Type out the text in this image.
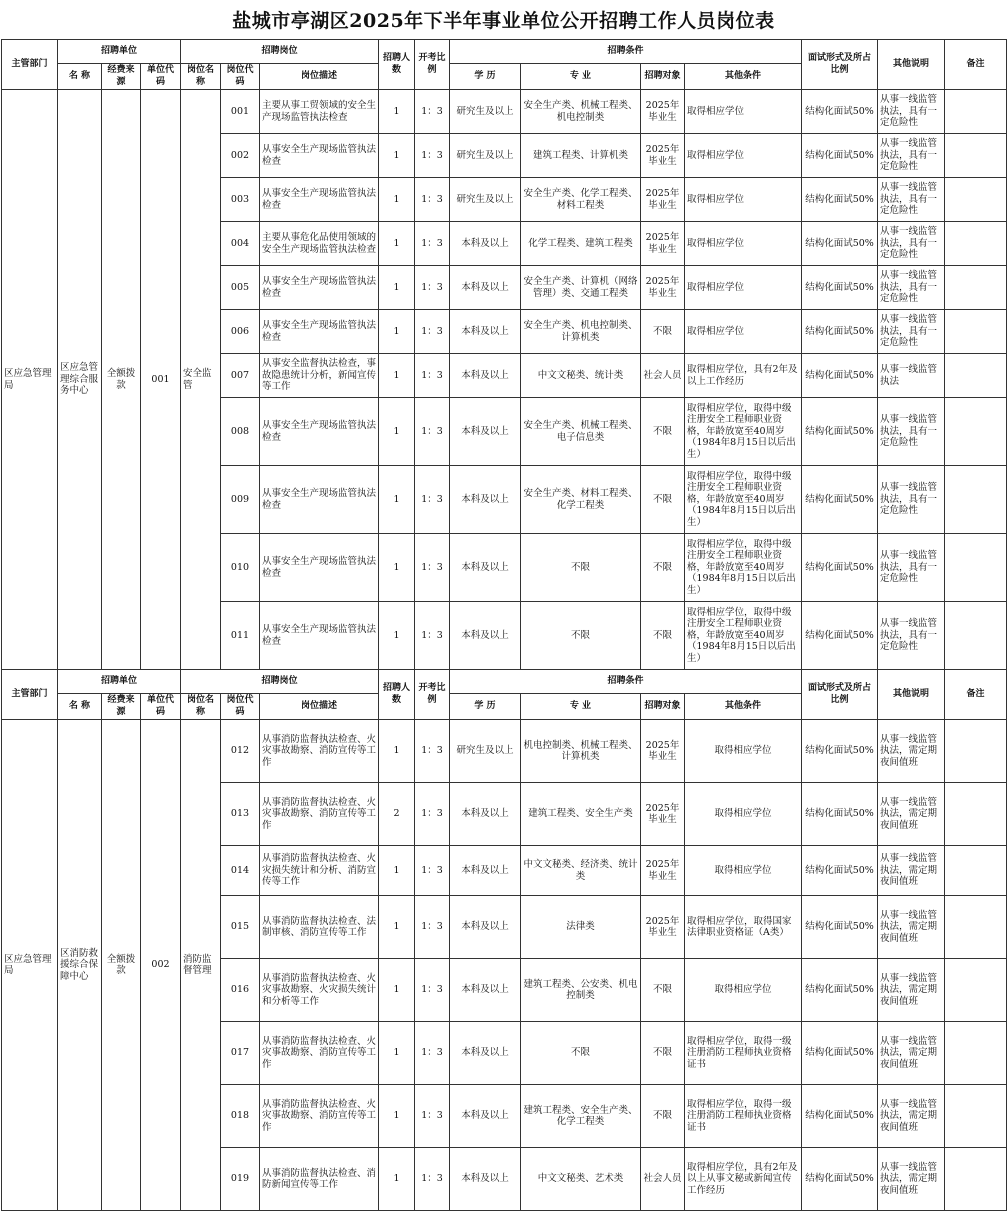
盐城市亭湖区2025年下半年事业单位公开招聘工作人员岗位表
主管部门	招聘单位			招聘岗位			招聘人数	开考比例	招聘条件				面试形式及所占比例	其他说明	备注
	名 称	经费来源	单位代码	岗位名称	岗位代码	岗位描述			学 历	专 业	招聘对象	其他条件			
区应急管理局	区应急管理综合服务中心	全额拨款	001	安全监管	001	主要从事工贸领域的安全生产现场监管执法检查	1	1：3	研究生及以上	安全生产类、机械工程类、机电控制类	2025年毕业生	取得相应学位	结构化面试50%	从事一线监管执法，具有一定危险性	
					002	从事安全生产现场监管执法检查	1	1：3	研究生及以上	建筑工程类、计算机类	2025年毕业生	取得相应学位	结构化面试50%	从事一线监管执法，具有一定危险性	
					003	从事安全生产现场监管执法检查	1	1：3	研究生及以上	安全生产类、化学工程类、材料工程类	2025年毕业生	取得相应学位	结构化面试50%	从事一线监管执法，具有一定危险性	
					004	主要从事危化品使用领域的安全生产现场监管执法检查	1	1：3	本科及以上	化学工程类、建筑工程类	2025年毕业生	取得相应学位	结构化面试50%	从事一线监管执法，具有一定危险性	
					005	从事安全生产现场监管执法检查	1	1：3	本科及以上	安全生产类、计算机（网络管理）类、交通工程类	2025年毕业生	取得相应学位	结构化面试50%	从事一线监管执法，具有一定危险性	
					006	从事安全生产现场监管执法检查	1	1：3	本科及以上	安全生产类、机电控制类、计算机类	不限	取得相应学位	结构化面试50%	从事一线监管执法，具有一定危险性	
					007	从事安全监督执法检查，事故隐患统计分析，新闻宣传等工作	1	1：3	本科及以上	中文文秘类、统计类	社会人员	取得相应学位，具有2年及以上工作经历	结构化面试50%	从事一线监管执法	
					008	从事安全生产现场监管执法检查	1	1：3	本科及以上	安全生产类、机械工程类、电子信息类	不限	取得相应学位，取得中级注册安全工程师职业资格，年龄放宽至40周岁（1984年8月15日以后出生）	结构化面试50%	从事一线监管执法，具有一定危险性	
					009	从事安全生产现场监管执法检查	1	1：3	本科及以上	安全生产类、材料工程类、化学工程类	不限	取得相应学位，取得中级注册安全工程师职业资格，年龄放宽至40周岁（1984年8月15日以后出生）	结构化面试50%	从事一线监管执法，具有一定危险性	
					010	从事安全生产现场监管执法检查	1	1：3	本科及以上	不限	不限	取得相应学位，取得中级注册安全工程师职业资格，年龄放宽至40周岁（1984年8月15日以后出生）	结构化面试50%	从事一线监管执法，具有一定危险性	
					011	从事安全生产现场监管执法检查	1	1：3	本科及以上	不限	不限	取得相应学位，取得中级注册安全工程师职业资格，年龄放宽至40周岁（1984年8月15日以后出生）	结构化面试50%	从事一线监管执法，具有一定危险性	
主管部门	招聘单位			招聘岗位			招聘人数	开考比例	招聘条件				面试形式及所占比例	其他说明	备注
	名 称	经费来源	单位代码	岗位名称	岗位代码	岗位描述			学 历	专 业	招聘对象	其他条件			
区应急管理局	区消防救援综合保障中心	全额拨款	002	消防监督管理	012	从事消防监督执法检查、火灾事故勘察、消防宣传等工作	1	1：3	研究生及以上	机电控制类、机械工程类、计算机类	2025年毕业生	取得相应学位	结构化面试50%	从事一线监管执法，需定期夜间值班	
					013	从事消防监督执法检查、火灾事故勘察、消防宣传等工作	2	1：3	本科及以上	建筑工程类、安全生产类	2025年毕业生	取得相应学位	结构化面试50%	从事一线监管执法，需定期夜间值班	
					014	从事消防监督执法检查、火灾损失统计和分析、消防宣传等工作	1	1：3	本科及以上	中文文秘类、经济类、统计类	2025年毕业生	取得相应学位	结构化面试50%	从事一线监管执法，需定期夜间值班	
					015	从事消防监督执法检查、法制审核、消防宣传等工作	1	1：3	本科及以上	法律类	2025年毕业生	取得相应学位，取得国家法律职业资格证（A类）	结构化面试50%	从事一线监管执法，需定期夜间值班	
					016	从事消防监督执法检查、火灾事故勘察、火灾损失统计和分析等工作	1	1：3	本科及以上	建筑工程类、公安类、机电控制类	不限	取得相应学位	结构化面试50%	从事一线监管执法，需定期夜间值班	
					017	从事消防监督执法检查、火灾事故勘察、消防宣传等工作	1	1：3	本科及以上	不限	不限	取得相应学位，取得一级注册消防工程师执业资格证书	结构化面试50%	从事一线监管执法，需定期夜间值班	
					018	从事消防监督执法检查、火灾事故勘察、消防宣传等工作	1	1：3	本科及以上	建筑工程类、安全生产类、化学工程类	不限	取得相应学位，取得一级注册消防工程师执业资格证书	结构化面试50%	从事一线监管执法，需定期夜间值班	
					019	从事消防监督执法检查、消防新闻宣传等工作	1	1：3	本科及以上	中文文秘类、艺术类	社会人员	取得相应学位，具有2年及以上从事文秘或新闻宣传工作经历	结构化面试50%	从事一线监管执法，需定期夜间值班	
